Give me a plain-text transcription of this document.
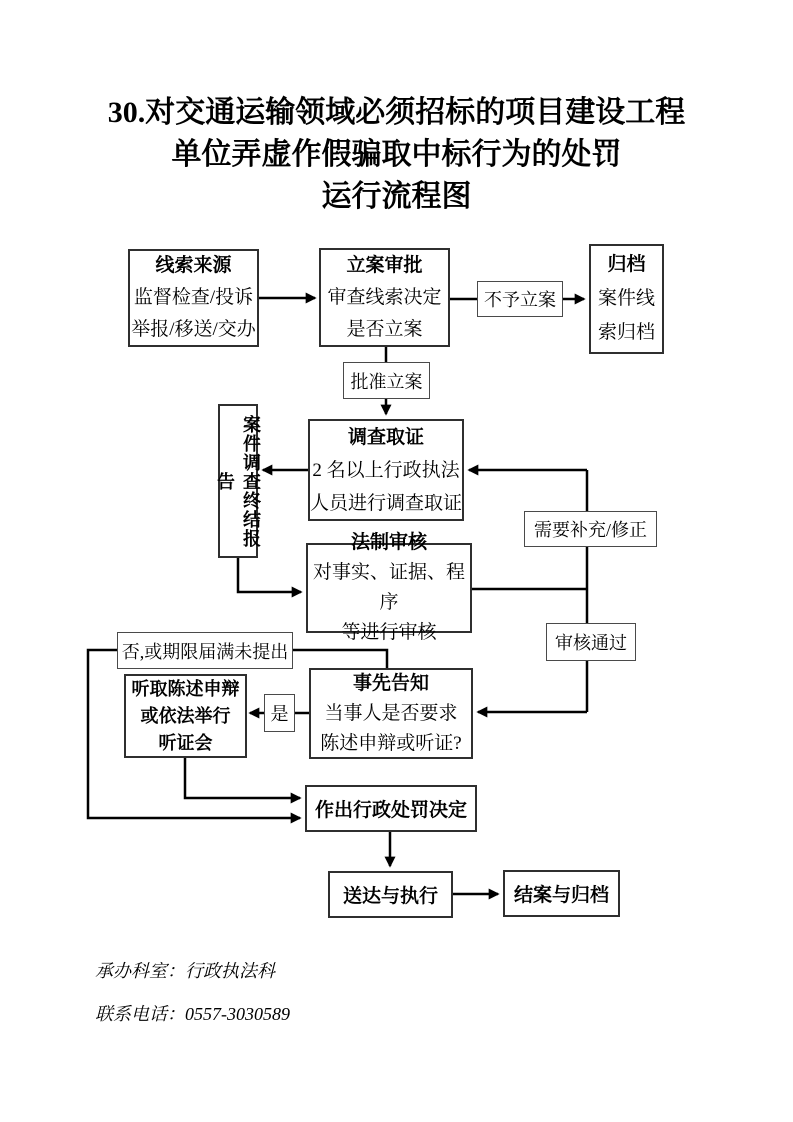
30.对交通运输领域必须招标的项目建设工程
单位弄虚作假骗取中标行为的处罚
运行流程图
线索来源
监督检查/投诉
举报/移送/交办
立案审批
审查线索决定
是否立案
不予立案
归档
案件线
索归档
批准立案
调查取证
2 名以上行政执法
人员进行调查取证
案件调查终结报告
法制审核
对事实、证据、程序
等进行审核
需要补充/修正
审核通过
否,或期限届满未提出
事先告知
当事人是否要求
陈述申辩或听证?
是
听取陈述申辩
或依法举行
听证会
作出行政处罚决定
送达与执行	结案与归档
承办科室：行政执法科
联系电话：0557-3030589
